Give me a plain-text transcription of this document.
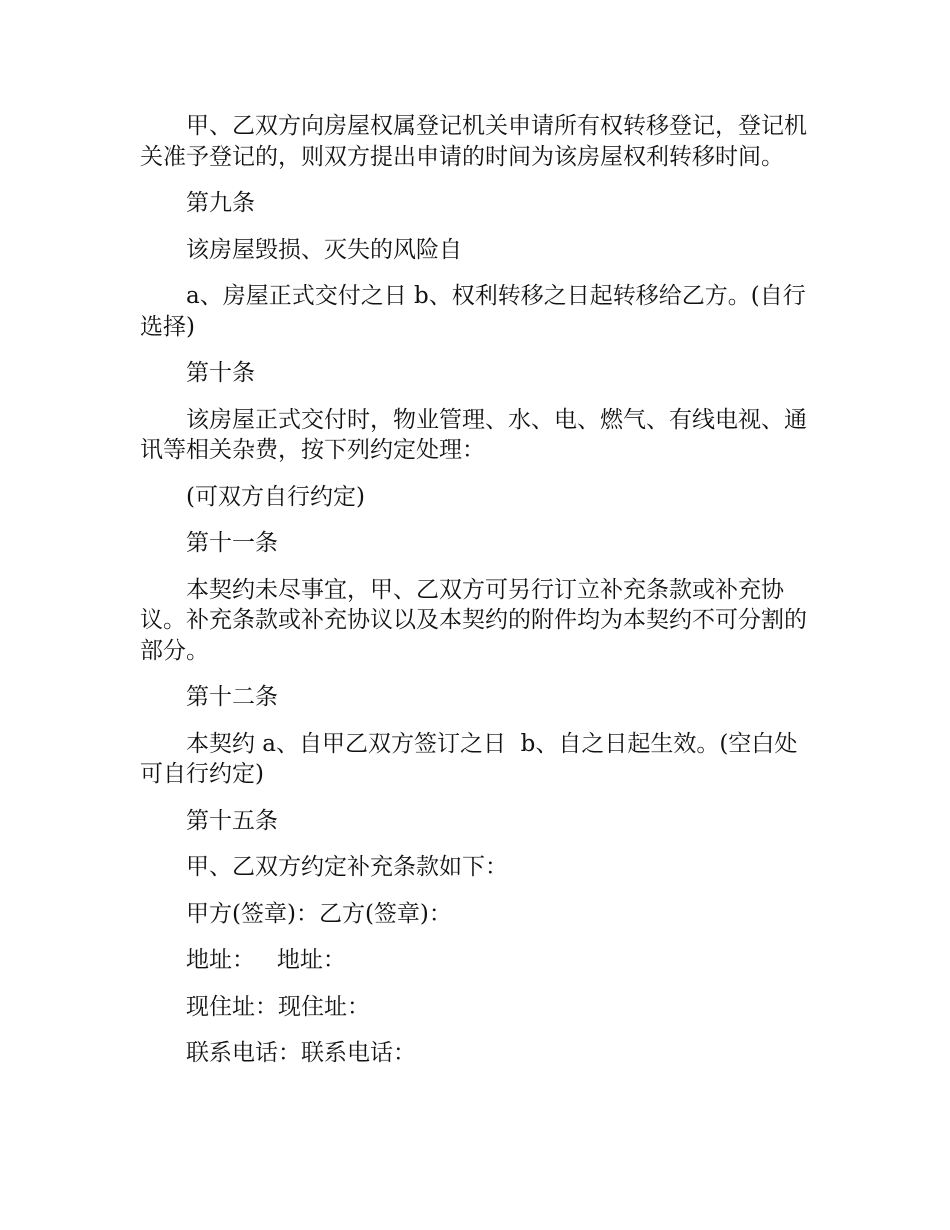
甲、乙双方向房屋权属登记机关申请所有权转移登记，登记机关准予登记的，则双方提出申请的时间为该房屋权利转移时间。

第九条

该房屋毁损、灭失的风险自

a、房屋正式交付之日 b、权利转移之日起转移给乙方。(自行选择)

第十条

该房屋正式交付时，物业管理、水、电、燃气、有线电视、通讯等相关杂费，按下列约定处理：

(可双方自行约定)

第十一条

本契约未尽事宜，甲、乙双方可另行订立补充条款或补充协议。补充条款或补充协议以及本契约的附件均为本契约不可分割的部分。

第十二条

本契约 a、自甲乙双方签订之日  b、自之日起生效。(空白处可自行约定)

第十五条

甲、乙双方约定补充条款如下：

甲方(签章)：乙方(签章)：

地址：   地址：

现住址：现住址：

联系电话：联系电话：
